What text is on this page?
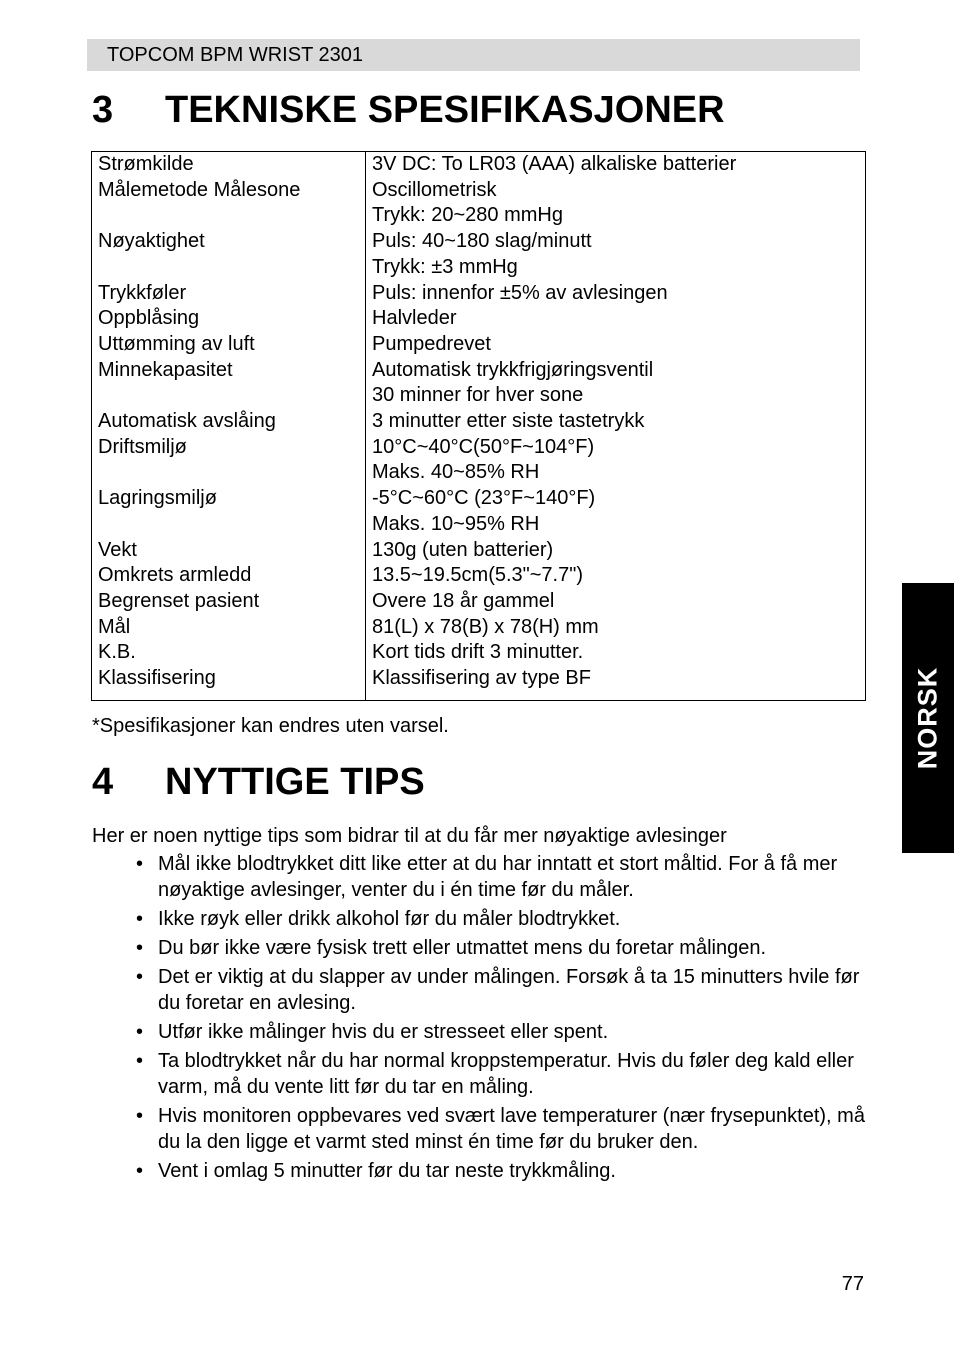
TOPCOM BPM WRIST 2301
3 TEKNISKE SPESIFIKASJONER
Strømkilde	3V DC: To LR03 (AAA) alkaliske batterier
Målemetode Målesone	Oscillometrisk
Trykk: 20~280 mmHg
Nøyaktighet	Puls: 40~180 slag/minutt
Trykk: ±3 mmHg
Trykkføler	Puls: innenfor ±5% av avlesingen
Oppblåsing	Halvleder
Uttømming av luft	Pumpedrevet
Minnekapasitet	Automatisk trykkfrigjøringsventil
30 minner for hver sone
Automatisk avslåing	3 minutter etter siste tastetrykk
Driftsmiljø	10°C~40°C(50°F~104°F)
Maks. 40~85% RH
Lagringsmiljø	-5°C~60°C (23°F~140°F)
Maks. 10~95% RH
Vekt	130g (uten batterier)
Omkrets armledd	13.5~19.5cm(5.3"~7.7")
Begrenset pasient	Overe 18 år gammel
Mål	81(L) x 78(B) x 78(H) mm
K.B.	Kort tids drift 3 minutter.
Klassifisering	Klassifisering av type BF
*Spesifikasjoner kan endres uten varsel.
4 NYTTIGE TIPS
Her er noen nyttige tips som bidrar til at du får mer nøyaktige avlesinger
• Mål ikke blodtrykket ditt like etter at du har inntatt et stort måltid. For å få mer nøyaktige avlesinger, venter du i én time før du måler.
• Ikke røyk eller drikk alkohol før du måler blodtrykket.
• Du bør ikke være fysisk trett eller utmattet mens du foretar målingen.
• Det er viktig at du slapper av under målingen. Forsøk å ta 15 minutters hvile før du foretar en avlesing.
• Utfør ikke målinger hvis du er stresseet eller spent.
• Ta blodtrykket når du har normal kroppstemperatur. Hvis du føler deg kald eller varm, må du vente litt før du tar en måling.
• Hvis monitoren oppbevares ved svært lave temperaturer (nær frysepunktet), må du la den ligge et varmt sted minst én time før du bruker den.
• Vent i omlag 5 minutter før du tar neste trykkmåling.
NORSK
77
